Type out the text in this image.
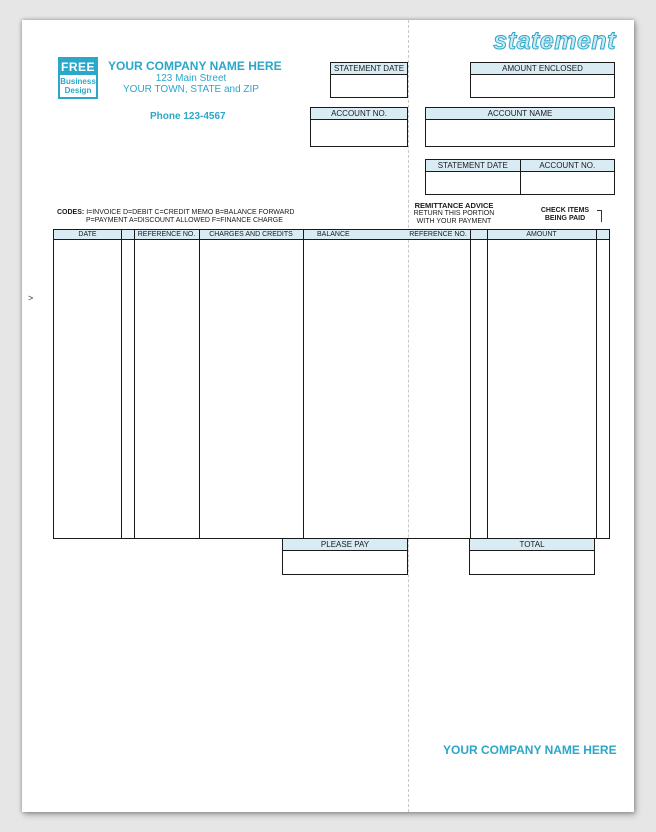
FREE
Business
Design
YOUR COMPANY NAME HERE
123 Main Street
YOUR TOWN, STATE and ZIP
Phone 123-4567
statement
STATEMENT DATE	AMOUNT ENCLOSED
ACCOUNT NO.	ACCOUNT NAME
STATEMENT DATE	ACCOUNT NO.
CODES: I=INVOICE D=DEBIT C=CREDIT MEMO B=BALANCE FORWARD
P=PAYMENT A=DISCOUNT ALLOWED F=FINANCE CHARGE
REMITTANCE ADVICE
RETURN THIS PORTION
WITH YOUR PAYMENT
CHECK ITEMS
BEING PAID
DATE	REFERENCE NO.	CHARGES AND CREDITS	BALANCE	REFERENCE NO.	AMOUNT
PLEASE PAY	TOTAL
YOUR COMPANY NAME HERE
>
